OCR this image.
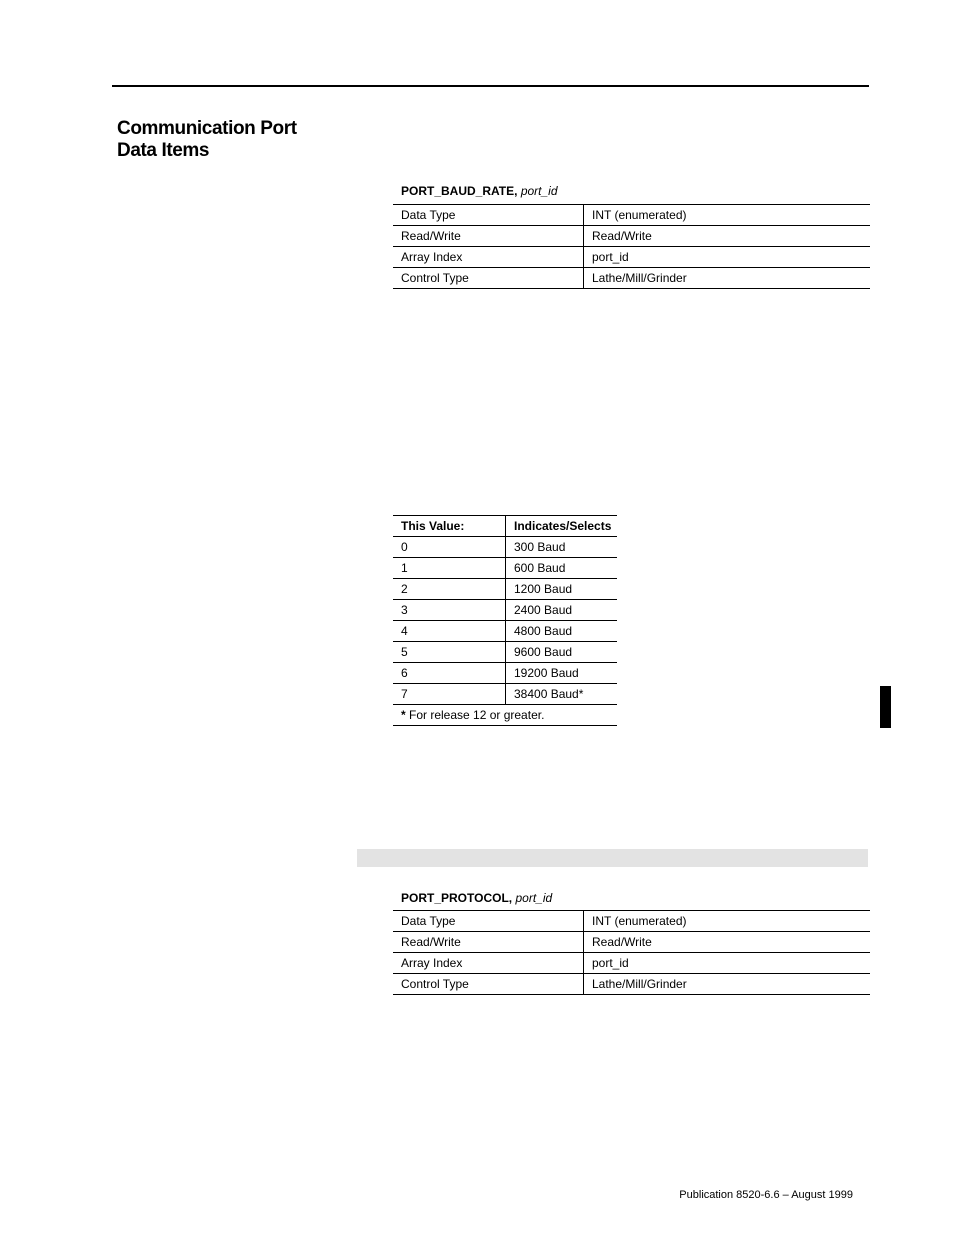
Communication Port
Data Items
PORT_BAUD_RATE, port_id
Data Type	INT (enumerated)
Read/Write	Read/Write
Array Index	port_id
Control Type	Lathe/Mill/Grinder
This Value:	Indicates/Selects
0	300 Baud
1	600 Baud
2	1200 Baud
3	2400 Baud
4	4800 Baud
5	9600 Baud
6	19200 Baud
7	38400 Baud*
* For release 12 or greater.	
PORT_PROTOCOL, port_id
Data Type	INT (enumerated)
Read/Write	Read/Write
Array Index	port_id
Control Type	Lathe/Mill/Grinder
Publication 8520-6.6 – August 1999
